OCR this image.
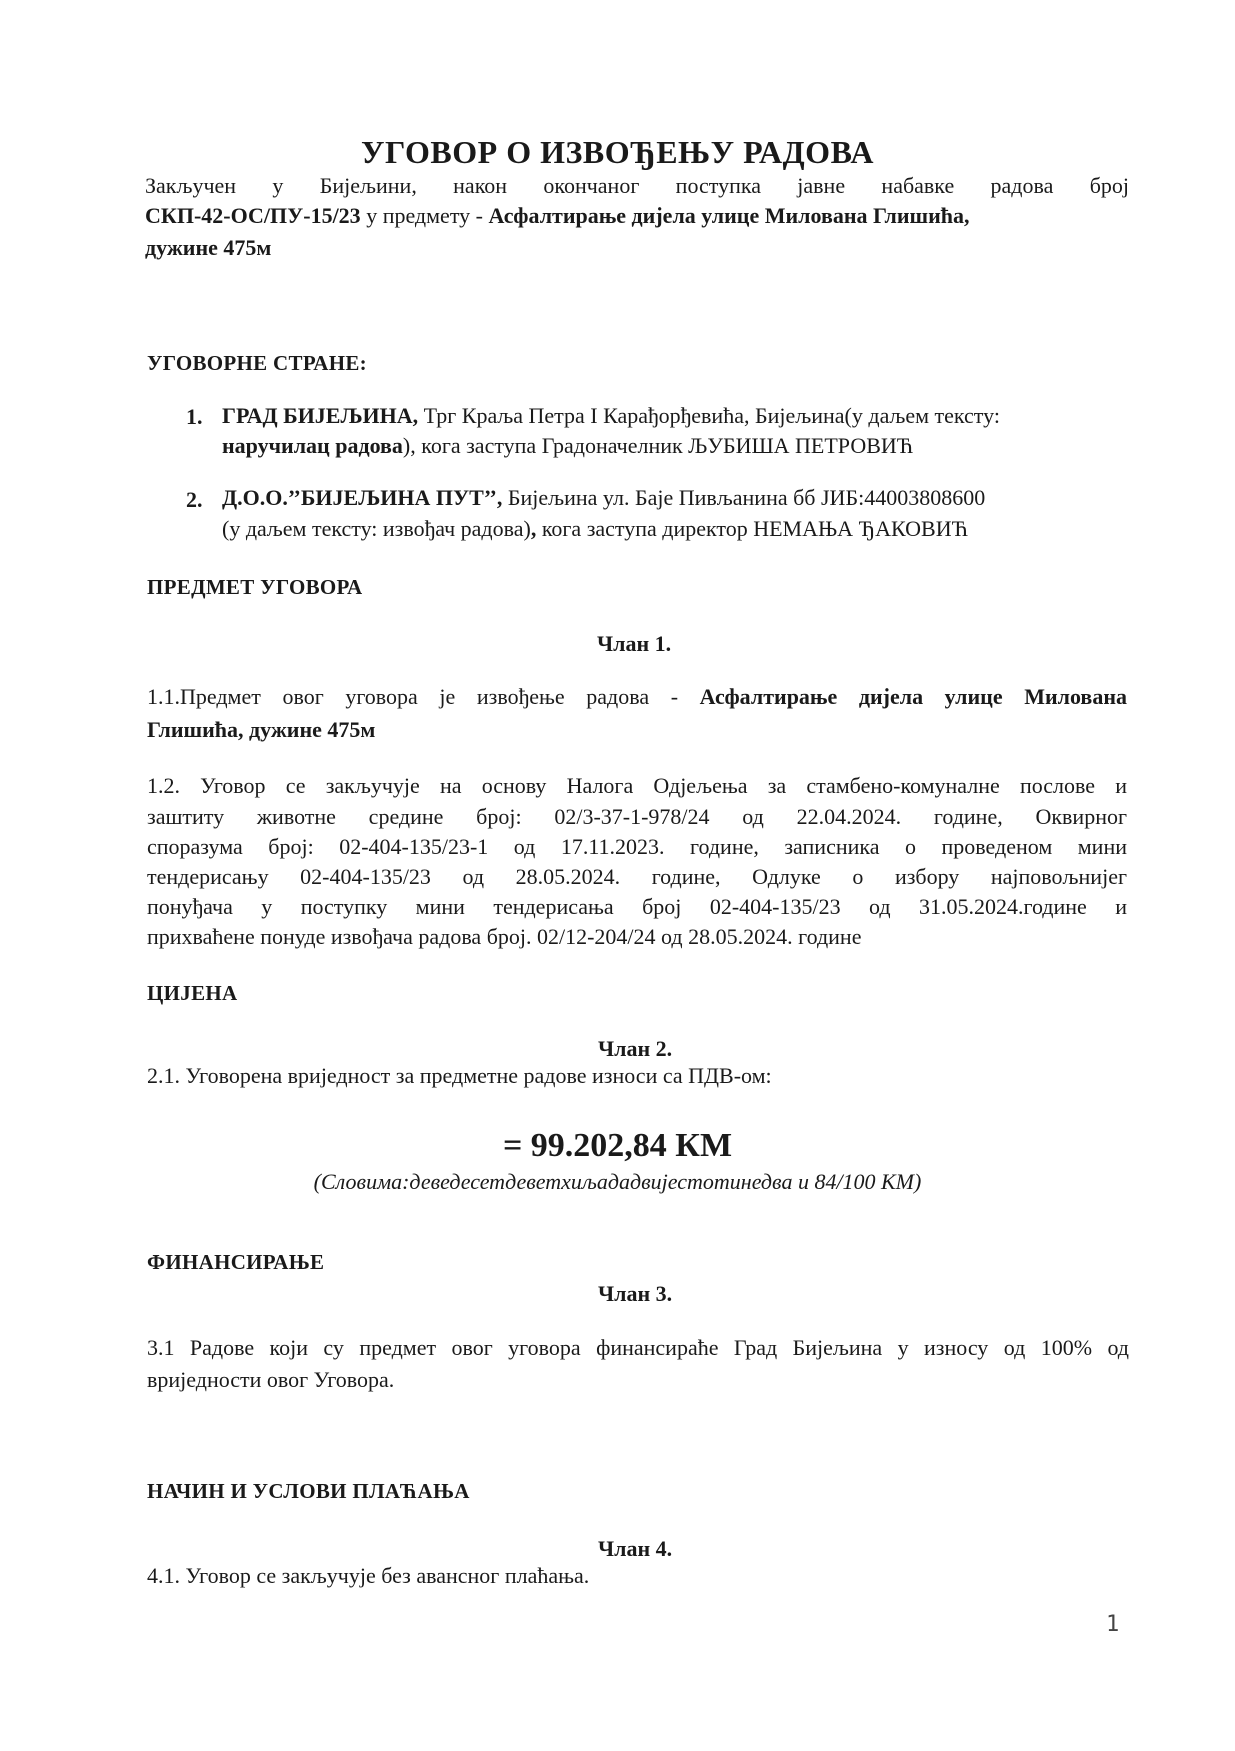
УГОВОР О ИЗВОЂЕЊУ РАДОВА
Закључен у Бијељини, након окончаног поступка јавне набавке радова број
СКП-42-ОС/ПУ-15/23 у предмету - Асфалтирање дијела улице Милована Глишића,
дужине 475м
УГОВОРНЕ СТРАНЕ:
1. ГРАД БИЈЕЉИНА, Трг Краља Петра I Карађорђевића, Бијељина(у даљем тексту:
наручилац радова), кога заступа Градоначелник ЉУБИША ПЕТРОВИЋ
2. Д.О.О.’’БИЈЕЉИНА ПУТ’’, Бијељина ул. Баје Пивљанина бб ЈИБ:44003808600
(у даљем тексту: извођач радова), кога заступа директор НЕМАЊА ЂАКОВИЋ
ПРЕДМЕТ УГОВОРА
Члан 1.
1.1.Предмет овог уговора је извођење радова - Асфалтирање дијела улице Милована
Глишића, дужине 475м
1.2. Уговор се закључује на основу Налога Одјељења за стамбено-комуналне послове и
заштиту животне средине број: 02/3-37-1-978/24 од 22.04.2024. године, Оквирног
споразума број: 02-404-135/23-1 од 17.11.2023. године, записника о проведеном мини
тендерисању 02-404-135/23 од 28.05.2024. године, Одлуке о избору најповољнијег
понуђача у поступку мини тендерисања број 02-404-135/23 од 31.05.2024.године и
прихваћене понуде извођача радова број. 02/12-204/24 од 28.05.2024. године
ЦИЈЕНА
Члан 2.
2.1. Уговорена вриједност за предметне радове износи са ПДВ-ом:
= 99.202,84 КМ
(Словима:деведесетдеветхиљададвијестотинедва и 84/100 КМ)
ФИНАНСИРАЊЕ
Члан 3.
3.1 Радове који су предмет овог уговора финансираће Град Бијељина у износу од 100% од
вриједности овог Уговора.
НАЧИН И УСЛОВИ ПЛАЋАЊА
Члан 4.
4.1. Уговор се закључује без авансног плаћања.
1
